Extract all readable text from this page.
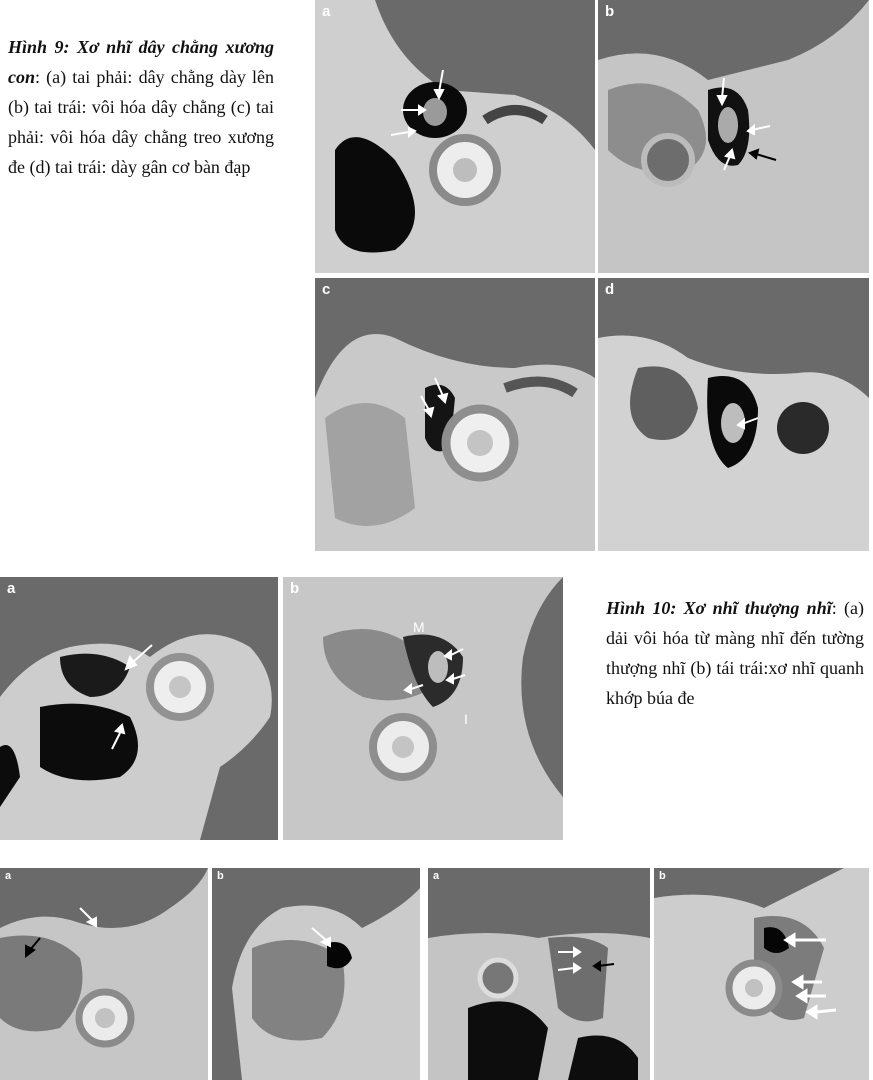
Hình 9: Xơ nhĩ dây chằng xương con: (a) tai phải: dây chằng dày lên (b) tai trái: vôi hóa dây chằng (c) tai phải: vôi hóa dây chằng treo xương đe (d) tai trái: dày gân cơ bàn đạp
a	b
c	d
a	b
M
I
Hình 10: Xơ nhĩ thượng nhĩ: (a) dải vôi hóa từ màng nhĩ đến tường thượng nhĩ (b) tái trái:xơ nhĩ quanh khớp búa đe
a	b	a	b
